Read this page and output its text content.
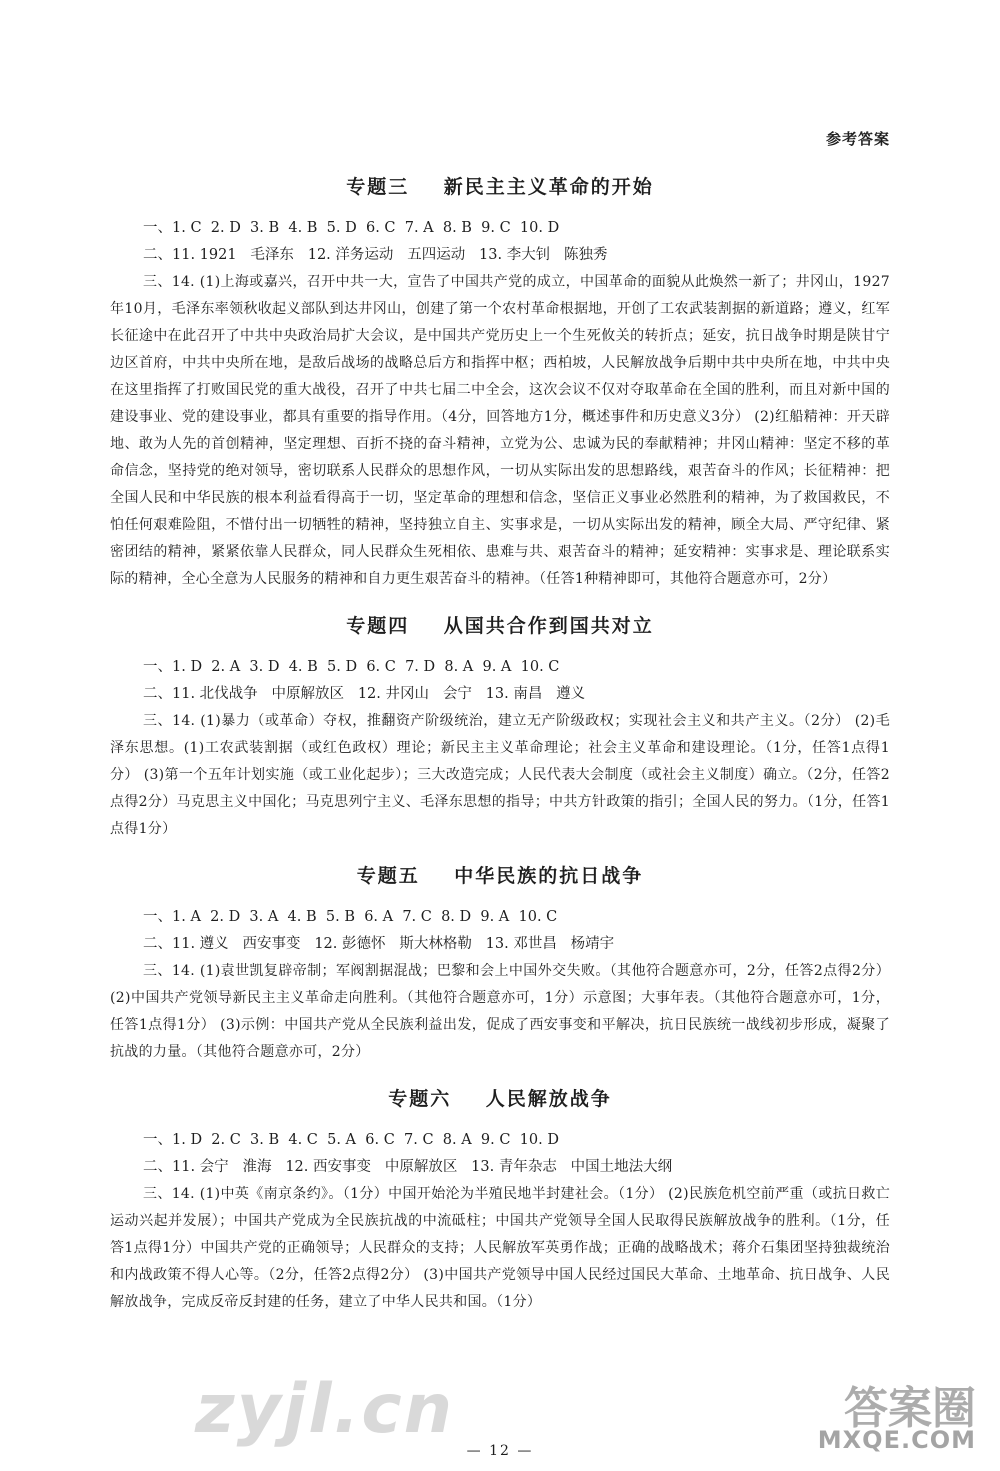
参考答案
专题三    新民主主义革命的开始

一、1. C  2. D  3. B  4. B  5. D  6. C  7. A  8. B  9. C  10. D

二、11. 1921   毛泽东   12. 洋务运动   五四运动   13. 李大钊   陈独秀

三、14. (1)上海或嘉兴，召开中共一大，宣告了中国共产党的成立，中国革命的面貌从此焕然一新了；井冈山，1927年10月，毛泽东率领秋收起义部队到达井冈山，创建了第一个农村革命根据地，开创了工农武装割据的新道路；遵义，红军长征途中在此召开了中共中央政治局扩大会议，是中国共产党历史上一个生死攸关的转折点；延安，抗日战争时期是陕甘宁边区首府，中共中央所在地，是敌后战场的战略总后方和指挥中枢；西柏坡，人民解放战争后期中共中央所在地，中共中央在这里指挥了打败国民党的重大战役，召开了中共七届二中全会，这次会议不仅对夺取革命在全国的胜利，而且对新中国的建设事业、党的建设事业，都具有重要的指导作用。（4分，回答地方1分，概述事件和历史意义3分） (2)红船精神：开天辟地、敢为人先的首创精神，坚定理想、百折不挠的奋斗精神，立党为公、忠诚为民的奉献精神；井冈山精神：坚定不移的革命信念，坚持党的绝对领导，密切联系人民群众的思想作风，一切从实际出发的思想路线，艰苦奋斗的作风；长征精神：把全国人民和中华民族的根本利益看得高于一切，坚定革命的理想和信念，坚信正义事业必然胜利的精神，为了救国救民，不怕任何艰难险阻，不惜付出一切牺牲的精神，坚持独立自主、实事求是，一切从实际出发的精神，顾全大局、严守纪律、紧密团结的精神，紧紧依靠人民群众，同人民群众生死相依、患难与共、艰苦奋斗的精神；延安精神：实事求是、理论联系实际的精神，全心全意为人民服务的精神和自力更生艰苦奋斗的精神。（任答1种精神即可，其他符合题意亦可，2分）

专题四    从国共合作到国共对立

一、1. D  2. A  3. D  4. B  5. D  6. C  7. D  8. A  9. A  10. C

二、11. 北伐战争   中原解放区   12. 井冈山   会宁   13. 南昌   遵义

三、14. (1)暴力（或革命）夺权，推翻资产阶级统治，建立无产阶级政权；实现社会主义和共产主义。（2分） (2)毛泽东思想。(1)工农武装割据（或红色政权）理论；新民主主义革命理论；社会主义革命和建设理论。（1分，任答1点得1分） (3)第一个五年计划实施（或工业化起步）；三大改造完成；人民代表大会制度（或社会主义制度）确立。（2分，任答2点得2分）马克思主义中国化；马克思列宁主义、毛泽东思想的指导；中共方针政策的指引；全国人民的努力。（1分，任答1点得1分）

专题五    中华民族的抗日战争

一、1. A  2. D  3. A  4. B  5. B  6. A  7. C  8. D  9. A  10. C

二、11. 遵义   西安事变   12. 彭德怀   斯大林格勒   13. 邓世昌   杨靖宇

三、14. (1)袁世凯复辟帝制；军阀割据混战；巴黎和会上中国外交失败。（其他符合题意亦可，2分，任答2点得2分） (2)中国共产党领导新民主主义革命走向胜利。（其他符合题意亦可，1分）示意图；大事年表。（其他符合题意亦可，1分，任答1点得1分） (3)示例：中国共产党从全民族利益出发，促成了西安事变和平解决，抗日民族统一战线初步形成，凝聚了抗战的力量。（其他符合题意亦可，2分）

专题六    人民解放战争

一、1. D  2. C  3. B  4. C  5. A  6. C  7. C  8. A  9. C  10. D

二、11. 会宁   淮海   12. 西安事变   中原解放区   13. 青年杂志   中国土地法大纲

三、14. (1)中英《南京条约》。（1分）中国开始沦为半殖民地半封建社会。（1分） (2)民族危机空前严重（或抗日救亡运动兴起并发展）；中国共产党成为全民族抗战的中流砥柱；中国共产党领导全国人民取得民族解放战争的胜利。（1分，任答1点得1分）中国共产党的正确领导；人民群众的支持；人民解放军英勇作战；正确的战略战术；蒋介石集团坚持独裁统治和内战政策不得人心等。（2分，任答2点得2分） (3)中国共产党领导中国人民经过国民大革命、土地革命、抗日战争、人民解放战争，完成反帝反封建的任务，建立了中华人民共和国。（1分）

— 12 —
zyjl.cn	答案圈
MXQE.COM
